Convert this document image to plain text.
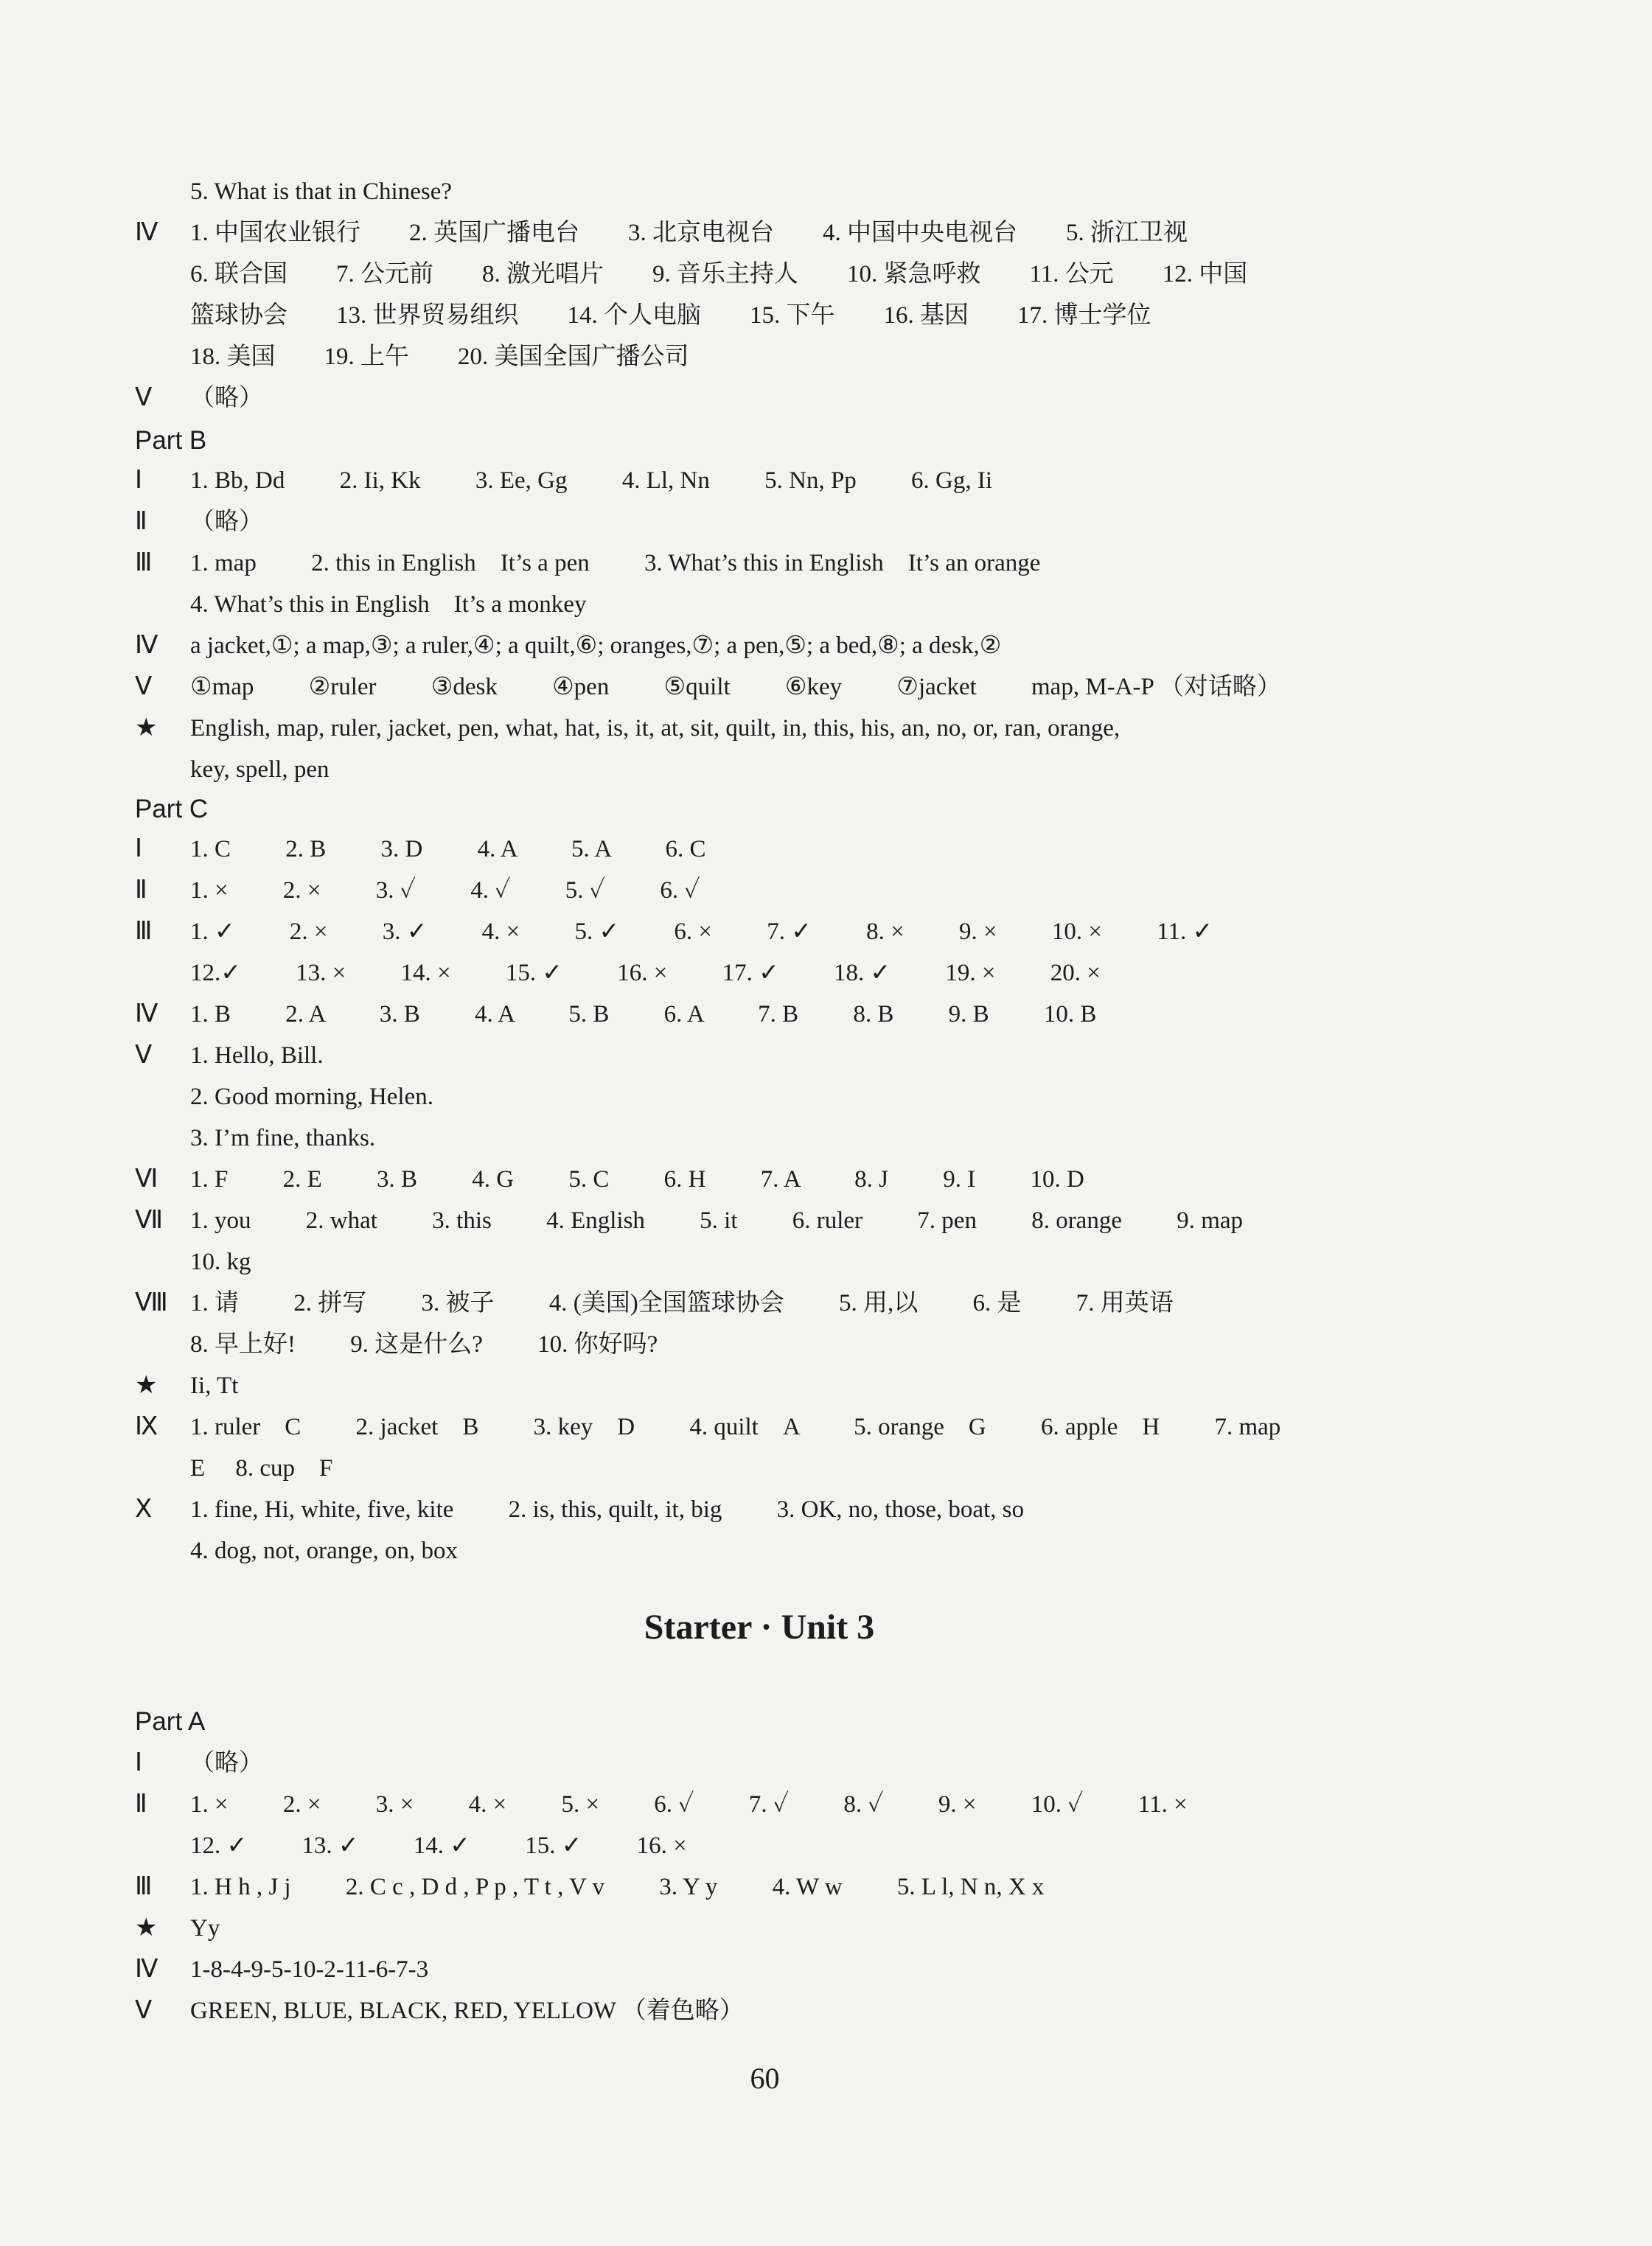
5. What is that in Chinese?
Ⅳ 1. 中国农业银行　　2. 英国广播电台　　3. 北京电视台　　4. 中国中央电视台　　5. 浙江卫视
6. 联合国　　7. 公元前　　8. 激光唱片　　9. 音乐主持人　　10. 紧急呼救　　11. 公元　　12. 中国
篮球协会　　13. 世界贸易组织　　14. 个人电脑　　15. 下午　　16. 基因　　17. 博士学位
18. 美国　　19. 上午　　20. 美国全国广播公司
Ⅴ （略）
Ⅰ 1. Bb, Dd　　 2. Ii, Kk　　 3. Ee, Gg　　 4. Ll, Nn　　 5. Nn, Pp　　 6. Gg, Ii
Ⅱ （略）
Ⅲ 1. map　　 2. this in English　It’s a pen　　 3. What’s this in English　It’s an orange
4. What’s this in English　It’s a monkey
Ⅳ a jacket,①; a map,③; a ruler,④; a quilt,⑥; oranges,⑦; a pen,⑤; a bed,⑧; a desk,②
Ⅴ ①map　　 ②ruler　　 ③desk　　 ④pen　　 ⑤quilt　　 ⑥key　　 ⑦jacket　　 map, M-A-P （对话略）
★ English, map, ruler, jacket, pen, what, hat, is, it, at, sit, quilt, in, this, his, an, no, or, ran, orange,
key, spell, pen
Ⅰ 1. C　　 2. B　　 3. D　　 4. A　　 5. A　　 6. C
Ⅱ 1. ×　　 2. ×　　 3. ✓　　 4. ✓　　 5. ✓　　 6. ✓
Ⅲ 1. ✓　　 2. ×　　 3. ✓　　 4. ×　　 5. ✓　　 6. ×　　 7. ✓　　 8. ×　　 9. ×　　 10. ×　　 11. ✓
12.✓　　 13. ×　　 14. ×　　 15. ✓　　 16. ×　　 17. ✓　　 18. ✓　　 19. ×　　 20. ×
Ⅳ 1. B　　 2. A　　 3. B　　 4. A　　 5. B　　 6. A　　 7. B　　 8. B　　 9. B　　 10. B
Ⅴ 1. Hello, Bill.
2. Good morning, Helen.
3. I’m fine, thanks.
Ⅵ 1. F　　 2. E　　 3. B　　 4. G　　 5. C　　 6. H　　 7. A　　 8. J　　 9. I　　 10. D
Ⅶ 1. you　　 2. what　　 3. this　　 4. English　　 5. it　　 6. ruler　　 7. pen　　 8. orange　　 9. map
10. kg
Ⅷ 1. 请　　 2. 拼写　　 3. 被子　　 4. (美国)全国篮球协会　　 5. 用,以　　 6. 是　　 7. 用英语
8. 早上好!　　 9. 这是什么?　　 10. 你好吗?
★ Ii, Tt
Ⅸ 1. ruler　C　　 2. jacket　B　　 3. key　D　　 4. quilt　A　　 5. orange　G　　 6. apple　H　　 7. map
E　 8. cup　F
Ⅹ 1. fine, Hi, white, five, kite　　 2. is, this, quilt, it, big　　 3. OK, no, those, boat, so
4. dog, not, orange, on, box
Ⅰ （略）
Ⅱ 1. ×　　 2. ×　　 3. ×　　 4. ×　　 5. ×　　 6. ✓　　 7. ✓　　 8. ✓　　 9. ×　　 10. ✓　　 11. ×
12. ✓　　 13. ✓　　 14. ✓　　 15. ✓　　 16. ×
Ⅲ 1. H h , J j　　 2. C c , D d , P p , T t , V v　　 3. Y y　　 4. W w　　 5. L l, N n, X x
★ Yy
Ⅳ 1-8-4-9-5-10-2-11-6-7-3
Ⅴ GREEN, BLUE, BLACK, RED, YELLOW （着色略）
Part B
Part C
Part A
Starter · Unit 3
60
